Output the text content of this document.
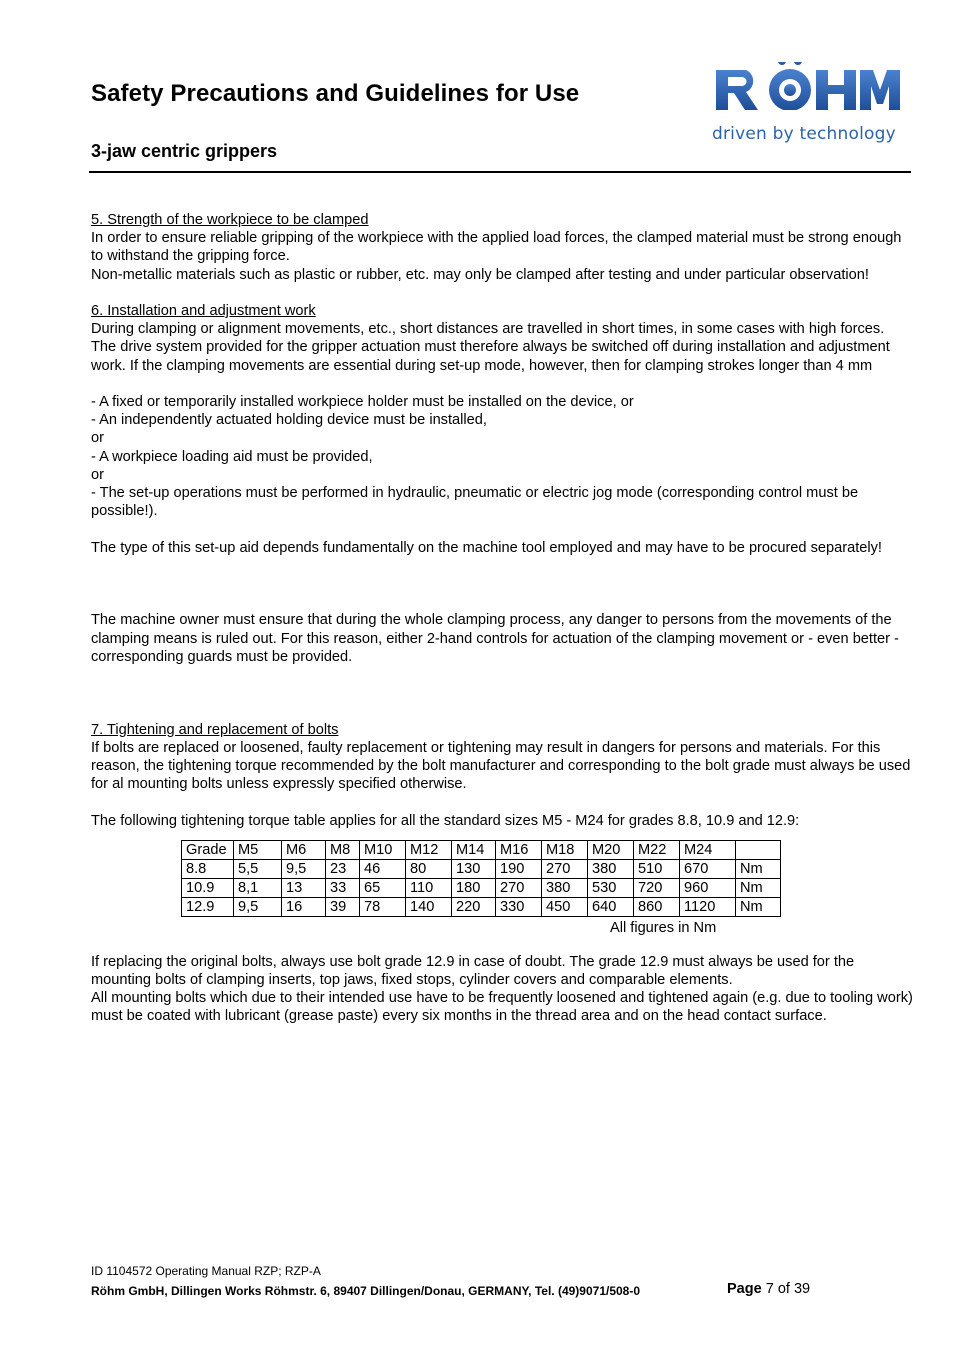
Safety Precautions and Guidelines for Use
3-jaw centric grippers
driven by technology

5. Strength of the workpiece to be clamped

In order to ensure reliable gripping of the workpiece with the applied load forces, the clamped material must be strong enough to withstand the gripping force.

Non-metallic materials such as plastic or rubber, etc. may only be clamped after testing and under particular observation!

6. Installation and adjustment work

During clamping or alignment movements, etc., short distances are travelled in short times, in some cases with high forces.

The drive system provided for the gripper actuation must therefore always be switched off during installation and adjustment work. If the clamping movements are essential during set-up mode, however, then for clamping strokes longer than 4 mm

- A fixed or temporarily installed workpiece holder must be installed on the device, or

- An independently actuated holding device must be installed,

or

- A workpiece loading aid must be provided,

or

- The set-up operations must be performed in hydraulic, pneumatic or electric jog mode (corresponding control must be possible!).

The type of this set-up aid depends fundamentally on the machine tool employed and may have to be procured separately!

The machine owner must ensure that during the whole clamping process, any danger to persons from the movements of the clamping means is ruled out. For this reason, either 2-hand controls for actuation of the clamping movement or - even better - corresponding guards must be provided.

7. Tightening and replacement of bolts

If bolts are replaced or loosened, faulty replacement or tightening may result in dangers for persons and materials. For this reason, the tightening torque recommended by the bolt manufacturer and corresponding to the bolt grade must always be used for al mounting bolts unless expressly specified otherwise.

The following tightening torque table applies for all the standard sizes M5 - M24 for grades 8.8, 10.9 and 12.9:

Grade	M5	M6	M8	M10	M12	M14	M16	M18	M20	M22	M24	
8.8	5,5	9,5	23	46	80	130	190	270	380	510	670	Nm
10.9	8,1	13	33	65	110	180	270	380	530	720	960	Nm
12.9	9,5	16	39	78	140	220	330	450	640	860	1120	Nm

All figures in Nm

If replacing the original bolts, always use bolt grade 12.9 in case of doubt. The grade 12.9 must always be used for the mounting bolts of clamping inserts, top jaws, fixed stops, cylinder covers and comparable elements.

All mounting bolts which due to their intended use have to be frequently loosened and tightened again (e.g. due to tooling work) must be coated with lubricant (grease paste) every six months in the thread area and on the head contact surface.

ID 1104572 Operating Manual RZP; RZP-A
Röhm GmbH, Dillingen Works Röhmstr. 6, 89407 Dillingen/Donau, GERMANY, Tel. (49)9071/508-0	Page 7 of 39
